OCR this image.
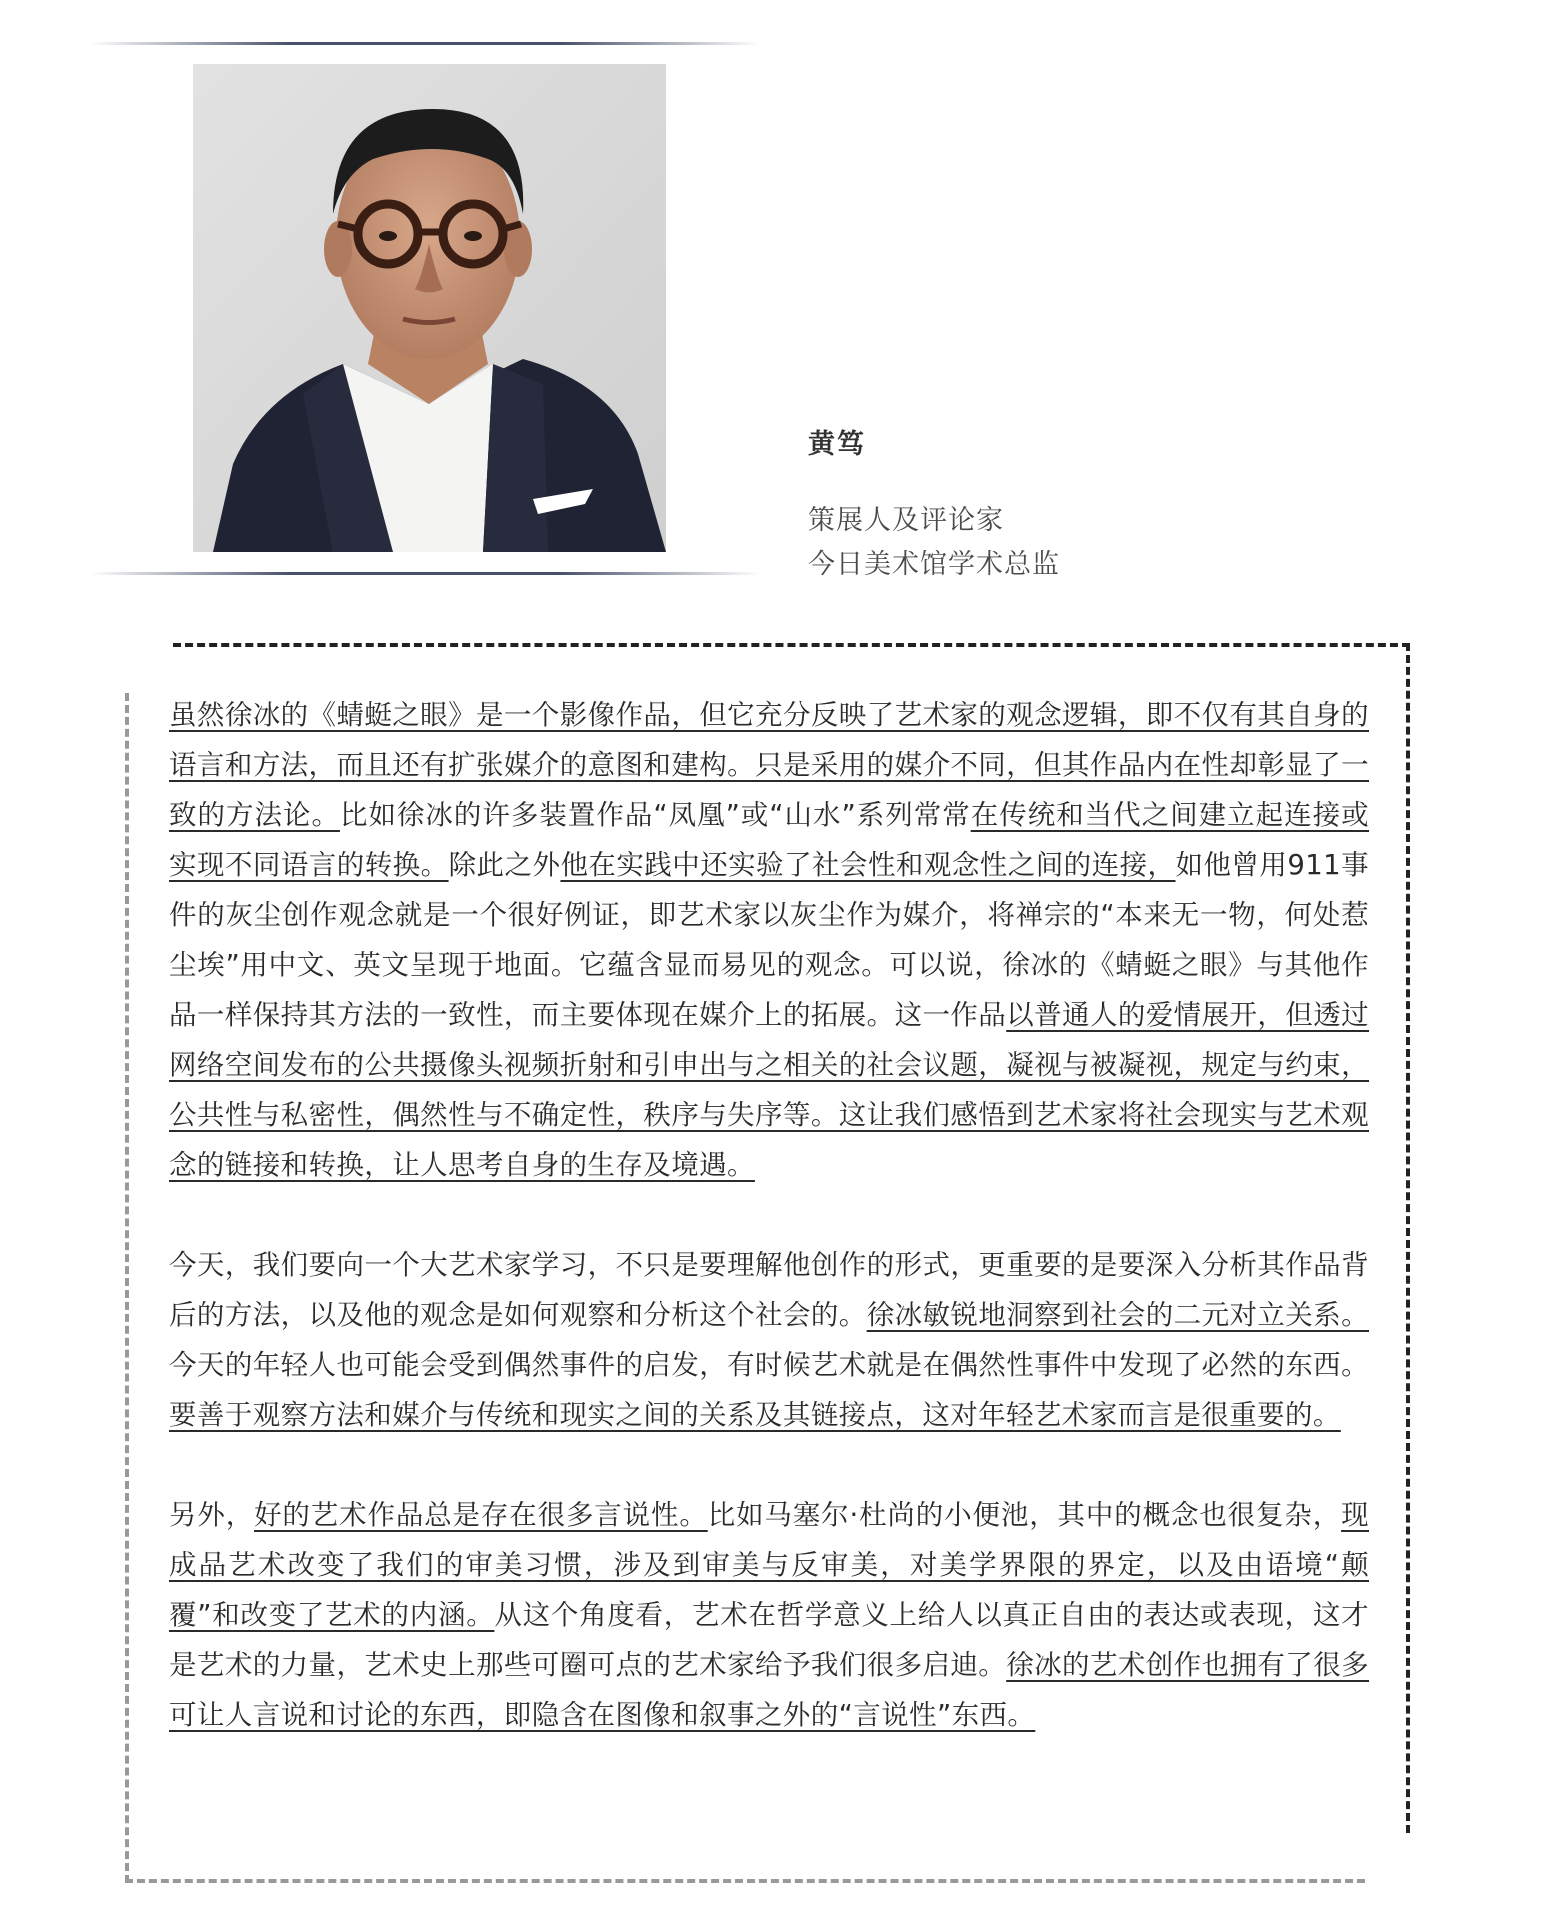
黄笃
策展人及评论家
今日美术馆学术总监

虽然徐冰的《蜻蜓之眼》是一个影像作品，但它充分反映了艺术家的观念逻辑，即不仅有其自身的语言和方法，而且还有扩张媒介的意图和建构。只是采用的媒介不同，但其作品内在性却彰显了一致的方法论。比如徐冰的许多装置作品“凤凰”或“山水”系列常常在传统和当代之间建立起连接或实现不同语言的转换。除此之外他在实践中还实验了社会性和观念性之间的连接，如他曾用911事件的灰尘创作观念就是一个很好例证，即艺术家以灰尘作为媒介，将禅宗的“本来无一物，何处惹尘埃”用中文、英文呈现于地面。它蕴含显而易见的观念。可以说，徐冰的《蜻蜓之眼》与其他作品一样保持其方法的一致性，而主要体现在媒介上的拓展。这一作品以普通人的爱情展开，但透过网络空间发布的公共摄像头视频折射和引申出与之相关的社会议题，凝视与被凝视，规定与约束，公共性与私密性，偶然性与不确定性，秩序与失序等。这让我们感悟到艺术家将社会现实与艺术观念的链接和转换，让人思考自身的生存及境遇。

今天，我们要向一个大艺术家学习，不只是要理解他创作的形式，更重要的是要深入分析其作品背后的方法，以及他的观念是如何观察和分析这个社会的。徐冰敏锐地洞察到社会的二元对立关系。今天的年轻人也可能会受到偶然事件的启发，有时候艺术就是在偶然性事件中发现了必然的东西。要善于观察方法和媒介与传统和现实之间的关系及其链接点，这对年轻艺术家而言是很重要的。

另外，好的艺术作品总是存在很多言说性。比如马塞尔·杜尚的小便池，其中的概念也很复杂，现成品艺术改变了我们的审美习惯，涉及到审美与反审美，对美学界限的界定，以及由语境“颠覆”和改变了艺术的内涵。从这个角度看，艺术在哲学意义上给人以真正自由的表达或表现，这才是艺术的力量，艺术史上那些可圈可点的艺术家给予我们很多启迪。徐冰的艺术创作也拥有了很多可让人言说和讨论的东西，即隐含在图像和叙事之外的“言说性”东西。
